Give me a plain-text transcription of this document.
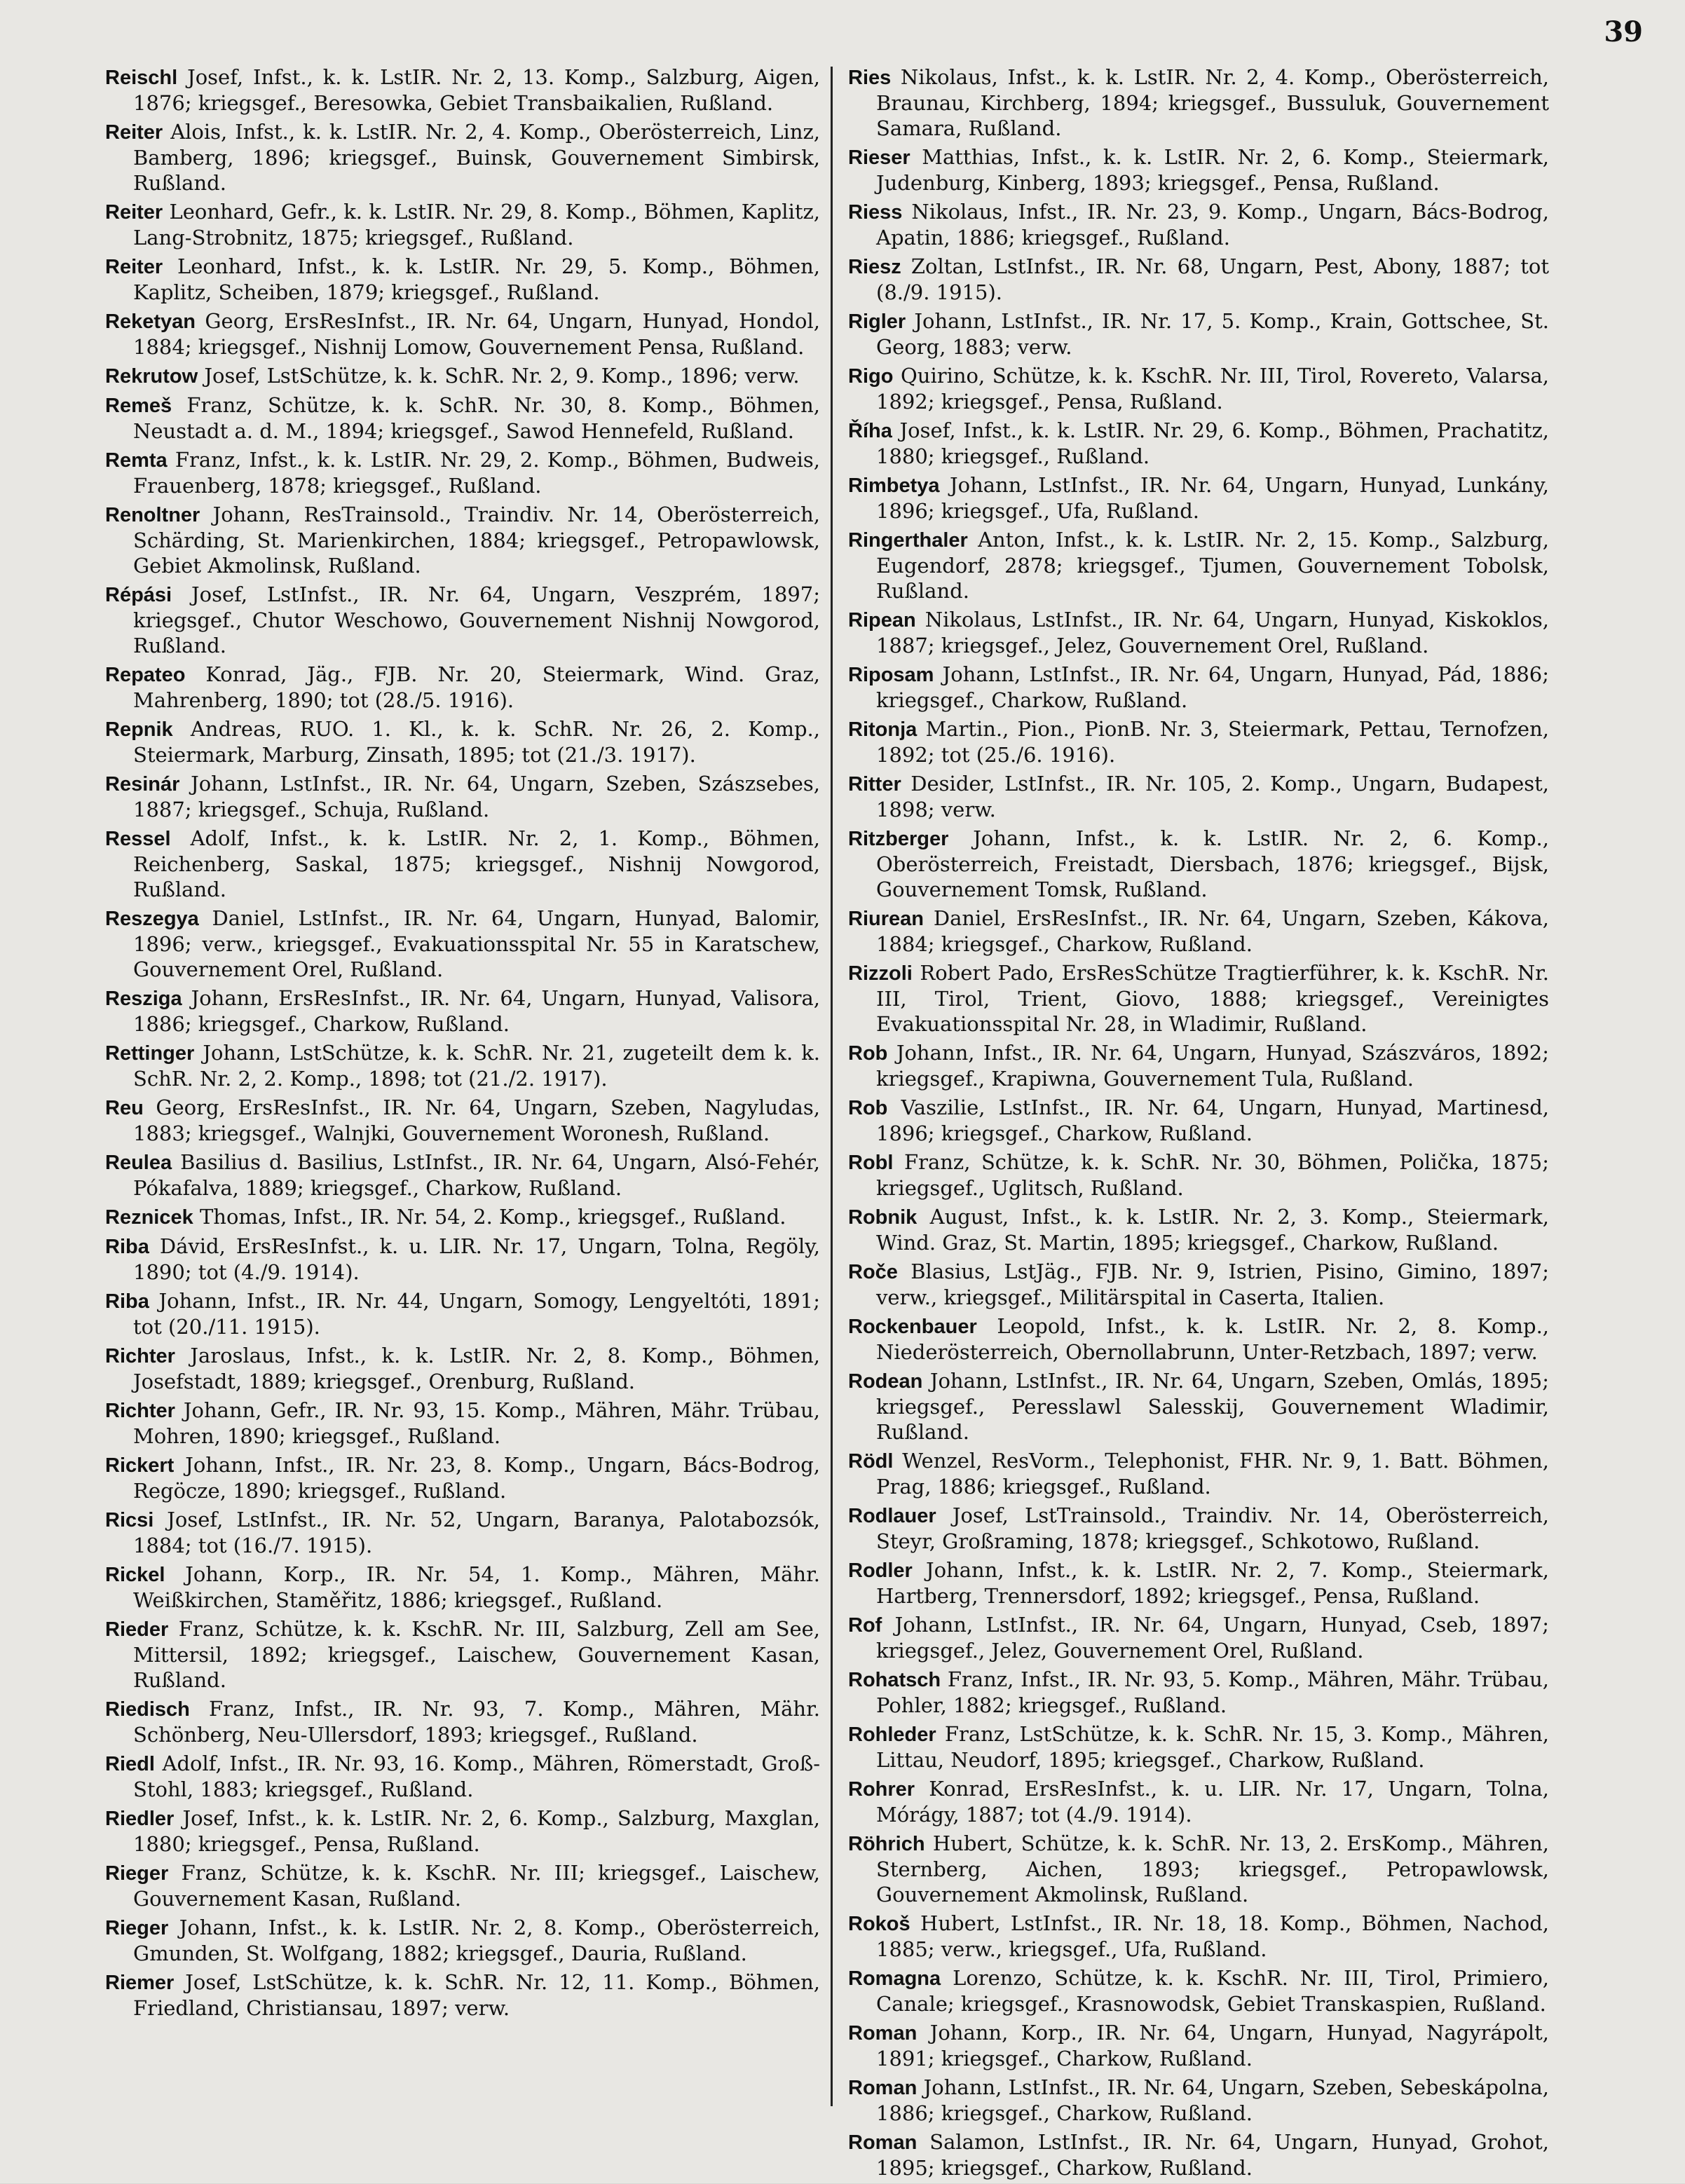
39

Reischl Josef, Infst., k. k. LstIR. Nr. 2, 13. Komp., Salzburg, Aigen, 1876; kriegsgef., Beresowka, Gebiet Transbaikalien, Rußland.

Reiter Alois, Infst., k. k. LstIR. Nr. 2, 4. Komp., Oberösterreich, Linz, Bamberg, 1896; kriegsgef., Buinsk, Gouvernement Simbirsk, Rußland.

Reiter Leonhard, Gefr., k. k. LstIR. Nr. 29, 8. Komp., Böhmen, Kaplitz, Lang-Strobnitz, 1875; kriegsgef., Rußland.

Reiter Leonhard, Infst., k. k. LstIR. Nr. 29, 5. Komp., Böhmen, Kaplitz, Scheiben, 1879; kriegsgef., Rußland.

Reketyan Georg, ErsResInfst., IR. Nr. 64, Ungarn, Hunyad, Hondol, 1884; kriegsgef., Nishnij Lomow, Gouvernement Pensa, Rußland.

Rekrutow Josef, LstSchütze, k. k. SchR. Nr. 2, 9. Komp., 1896; verw.

Remeš Franz, Schütze, k. k. SchR. Nr. 30, 8. Komp., Böhmen, Neustadt a. d. M., 1894; kriegsgef., Sawod Hennefeld, Rußland.

Remta Franz, Infst., k. k. LstIR. Nr. 29, 2. Komp., Böhmen, Budweis, Frauenberg, 1878; kriegsgef., Rußland.

Renoltner Johann, ResTrainsold., Traindiv. Nr. 14, Oberösterreich, Schärding, St. Marienkirchen, 1884; kriegsgef., Petropawlowsk, Gebiet Akmolinsk, Rußland.

Répási Josef, LstInfst., IR. Nr. 64, Ungarn, Veszprém, 1897; kriegsgef., Chutor Weschowo, Gouvernement Nishnij Nowgorod, Rußland.

Repateo Konrad, Jäg., FJB. Nr. 20, Steiermark, Wind. Graz, Mahrenberg, 1890; tot (28./5. 1916).

Repnik Andreas, RUO. 1. Kl., k. k. SchR. Nr. 26, 2. Komp., Steiermark, Marburg, Zinsath, 1895; tot (21./3. 1917).

Resinár Johann, LstInfst., IR. Nr. 64, Ungarn, Szeben, Szászsebes, 1887; kriegsgef., Schuja, Rußland.

Ressel Adolf, Infst., k. k. LstIR. Nr. 2, 1. Komp., Böhmen, Reichenberg, Saskal, 1875; kriegsgef., Nishnij Nowgorod, Rußland.

Reszegya Daniel, LstInfst., IR. Nr. 64, Ungarn, Hunyad, Balomir, 1896; verw., kriegsgef., Evakuationsspital Nr. 55 in Karatschew, Gouvernement Orel, Rußland.

Resziga Johann, ErsResInfst., IR. Nr. 64, Ungarn, Hunyad, Valisora, 1886; kriegsgef., Charkow, Rußland.

Rettinger Johann, LstSchütze, k. k. SchR. Nr. 21, zugeteilt dem k. k. SchR. Nr. 2, 2. Komp., 1898; tot (21./2. 1917).

Reu Georg, ErsResInfst., IR. Nr. 64, Ungarn, Szeben, Nagyludas, 1883; kriegsgef., Walnjki, Gouvernement Woronesh, Rußland.

Reulea Basilius d. Basilius, LstInfst., IR. Nr. 64, Ungarn, Alsó-Fehér, Pókafalva, 1889; kriegsgef., Charkow, Rußland.

Reznicek Thomas, Infst., IR. Nr. 54, 2. Komp., kriegsgef., Rußland.

Riba Dávid, ErsResInfst., k. u. LIR. Nr. 17, Ungarn, Tolna, Regöly, 1890; tot (4./9. 1914).

Riba Johann, Infst., IR. Nr. 44, Ungarn, Somogy, Lengyeltóti, 1891; tot (20./11. 1915).

Richter Jaroslaus, Infst., k. k. LstIR. Nr. 2, 8. Komp., Böhmen, Josefstadt, 1889; kriegsgef., Orenburg, Rußland.

Richter Johann, Gefr., IR. Nr. 93, 15. Komp., Mähren, Mähr. Trübau, Mohren, 1890; kriegsgef., Rußland.

Rickert Johann, Infst., IR. Nr. 23, 8. Komp., Ungarn, Bács-Bodrog, Regöcze, 1890; kriegsgef., Rußland.

Ricsi Josef, LstInfst., IR. Nr. 52, Ungarn, Baranya, Palotabozsók, 1884; tot (16./7. 1915).

Rickel Johann, Korp., IR. Nr. 54, 1. Komp., Mähren, Mähr. Weißkirchen, Staměřitz, 1886; kriegsgef., Rußland.

Rieder Franz, Schütze, k. k. KschR. Nr. III, Salzburg, Zell am See, Mittersil, 1892; kriegsgef., Laischew, Gouvernement Kasan, Rußland.

Riedisch Franz, Infst., IR. Nr. 93, 7. Komp., Mähren, Mähr. Schönberg, Neu-Ullersdorf, 1893; kriegsgef., Rußland.

Riedl Adolf, Infst., IR. Nr. 93, 16. Komp., Mähren, Römerstadt, Groß-Stohl, 1883; kriegsgef., Rußland.

Riedler Josef, Infst., k. k. LstIR. Nr. 2, 6. Komp., Salzburg, Maxglan, 1880; kriegsgef., Pensa, Rußland.

Rieger Franz, Schütze, k. k. KschR. Nr. III; kriegsgef., Laischew, Gouvernement Kasan, Rußland.

Rieger Johann, Infst., k. k. LstIR. Nr. 2, 8. Komp., Oberösterreich, Gmunden, St. Wolfgang, 1882; kriegsgef., Dauria, Rußland.

Riemer Josef, LstSchütze, k. k. SchR. Nr. 12, 11. Komp., Böhmen, Friedland, Christiansau, 1897; verw.

Ries Nikolaus, Infst., k. k. LstIR. Nr. 2, 4. Komp., Oberösterreich, Braunau, Kirchberg, 1894; kriegsgef., Bussuluk, Gouvernement Samara, Rußland.

Rieser Matthias, Infst., k. k. LstIR. Nr. 2, 6. Komp., Steiermark, Judenburg, Kinberg, 1893; kriegsgef., Pensa, Rußland.

Riess Nikolaus, Infst., IR. Nr. 23, 9. Komp., Ungarn, Bács-Bodrog, Apatin, 1886; kriegsgef., Rußland.

Riesz Zoltan, LstInfst., IR. Nr. 68, Ungarn, Pest, Abony, 1887; tot (8./9. 1915).

Rigler Johann, LstInfst., IR. Nr. 17, 5. Komp., Krain, Gottschee, St. Georg, 1883; verw.

Rigo Quirino, Schütze, k. k. KschR. Nr. III, Tirol, Rovereto, Valarsa, 1892; kriegsgef., Pensa, Rußland.

Říha Josef, Infst., k. k. LstIR. Nr. 29, 6. Komp., Böhmen, Prachatitz, 1880; kriegsgef., Rußland.

Rimbetya Johann, LstInfst., IR. Nr. 64, Ungarn, Hunyad, Lunkány, 1896; kriegsgef., Ufa, Rußland.

Ringerthaler Anton, Infst., k. k. LstIR. Nr. 2, 15. Komp., Salzburg, Eugendorf, 2878; kriegsgef., Tjumen, Gouvernement Tobolsk, Rußland.

Ripean Nikolaus, LstInfst., IR. Nr. 64, Ungarn, Hunyad, Kiskoklos, 1887; kriegsgef., Jelez, Gouvernement Orel, Rußland.

Riposam Johann, LstInfst., IR. Nr. 64, Ungarn, Hunyad, Pád, 1886; kriegsgef., Charkow, Rußland.

Ritonja Martin., Pion., PionB. Nr. 3, Steiermark, Pettau, Ternofzen, 1892; tot (25./6. 1916).

Ritter Desider, LstInfst., IR. Nr. 105, 2. Komp., Ungarn, Budapest, 1898; verw.

Ritzberger Johann, Infst., k. k. LstIR. Nr. 2, 6. Komp., Oberösterreich, Freistadt, Diersbach, 1876; kriegsgef., Bijsk, Gouvernement Tomsk, Rußland.

Riurean Daniel, ErsResInfst., IR. Nr. 64, Ungarn, Szeben, Kákova, 1884; kriegsgef., Charkow, Rußland.

Rizzoli Robert Pado, ErsResSchütze Tragtierführer, k. k. KschR. Nr. III, Tirol, Trient, Giovo, 1888; kriegsgef., Vereinigtes Evakuationsspital Nr. 28, in Wladimir, Rußland.

Rob Johann, Infst., IR. Nr. 64, Ungarn, Hunyad, Szászváros, 1892; kriegsgef., Krapiwna, Gouvernement Tula, Rußland.

Rob Vaszilie, LstInfst., IR. Nr. 64, Ungarn, Hunyad, Martinesd, 1896; kriegsgef., Charkow, Rußland.

Robl Franz, Schütze, k. k. SchR. Nr. 30, Böhmen, Polička, 1875; kriegsgef., Uglitsch, Rußland.

Robnik August, Infst., k. k. LstIR. Nr. 2, 3. Komp., Steiermark, Wind. Graz, St. Martin, 1895; kriegsgef., Charkow, Rußland.

Roče Blasius, LstJäg., FJB. Nr. 9, Istrien, Pisino, Gimino, 1897; verw., kriegsgef., Militärspital in Caserta, Italien.

Rockenbauer Leopold, Infst., k. k. LstIR. Nr. 2, 8. Komp., Niederösterreich, Obernollabrunn, Unter-Retzbach, 1897; verw.

Rodean Johann, LstInfst., IR. Nr. 64, Ungarn, Szeben, Omlás, 1895; kriegsgef., Peresslawl Salesskij, Gouvernement Wladimir, Rußland.

Rödl Wenzel, ResVorm., Telephonist, FHR. Nr. 9, 1. Batt. Böhmen, Prag, 1886; kriegsgef., Rußland.

Rodlauer Josef, LstTrainsold., Traindiv. Nr. 14, Oberösterreich, Steyr, Großraming, 1878; kriegsgef., Schkotowo, Rußland.

Rodler Johann, Infst., k. k. LstIR. Nr. 2, 7. Komp., Steiermark, Hartberg, Trennersdorf, 1892; kriegsgef., Pensa, Rußland.

Rof Johann, LstInfst., IR. Nr. 64, Ungarn, Hunyad, Cseb, 1897; kriegsgef., Jelez, Gouvernement Orel, Rußland.

Rohatsch Franz, Infst., IR. Nr. 93, 5. Komp., Mähren, Mähr. Trübau, Pohler, 1882; kriegsgef., Rußland.

Rohleder Franz, LstSchütze, k. k. SchR. Nr. 15, 3. Komp., Mähren, Littau, Neudorf, 1895; kriegsgef., Charkow, Rußland.

Rohrer Konrad, ErsResInfst., k. u. LIR. Nr. 17, Ungarn, Tolna, Mórágy, 1887; tot (4./9. 1914).

Röhrich Hubert, Schütze, k. k. SchR. Nr. 13, 2. ErsKomp., Mähren, Sternberg, Aichen, 1893; kriegsgef., Petropawlowsk, Gouvernement Akmolinsk, Rußland.

Rokoš Hubert, LstInfst., IR. Nr. 18, 18. Komp., Böhmen, Nachod, 1885; verw., kriegsgef., Ufa, Rußland.

Romagna Lorenzo, Schütze, k. k. KschR. Nr. III, Tirol, Primiero, Canale; kriegsgef., Krasnowodsk, Gebiet Transkaspien, Rußland.

Roman Johann, Korp., IR. Nr. 64, Ungarn, Hunyad, Nagyrápolt, 1891; kriegsgef., Charkow, Rußland.

Roman Johann, LstInfst., IR. Nr. 64, Ungarn, Szeben, Sebeskápolna, 1886; kriegsgef., Charkow, Rußland.

Roman Salamon, LstInfst., IR. Nr. 64, Ungarn, Hunyad, Grohot, 1895; kriegsgef., Charkow, Rußland.
